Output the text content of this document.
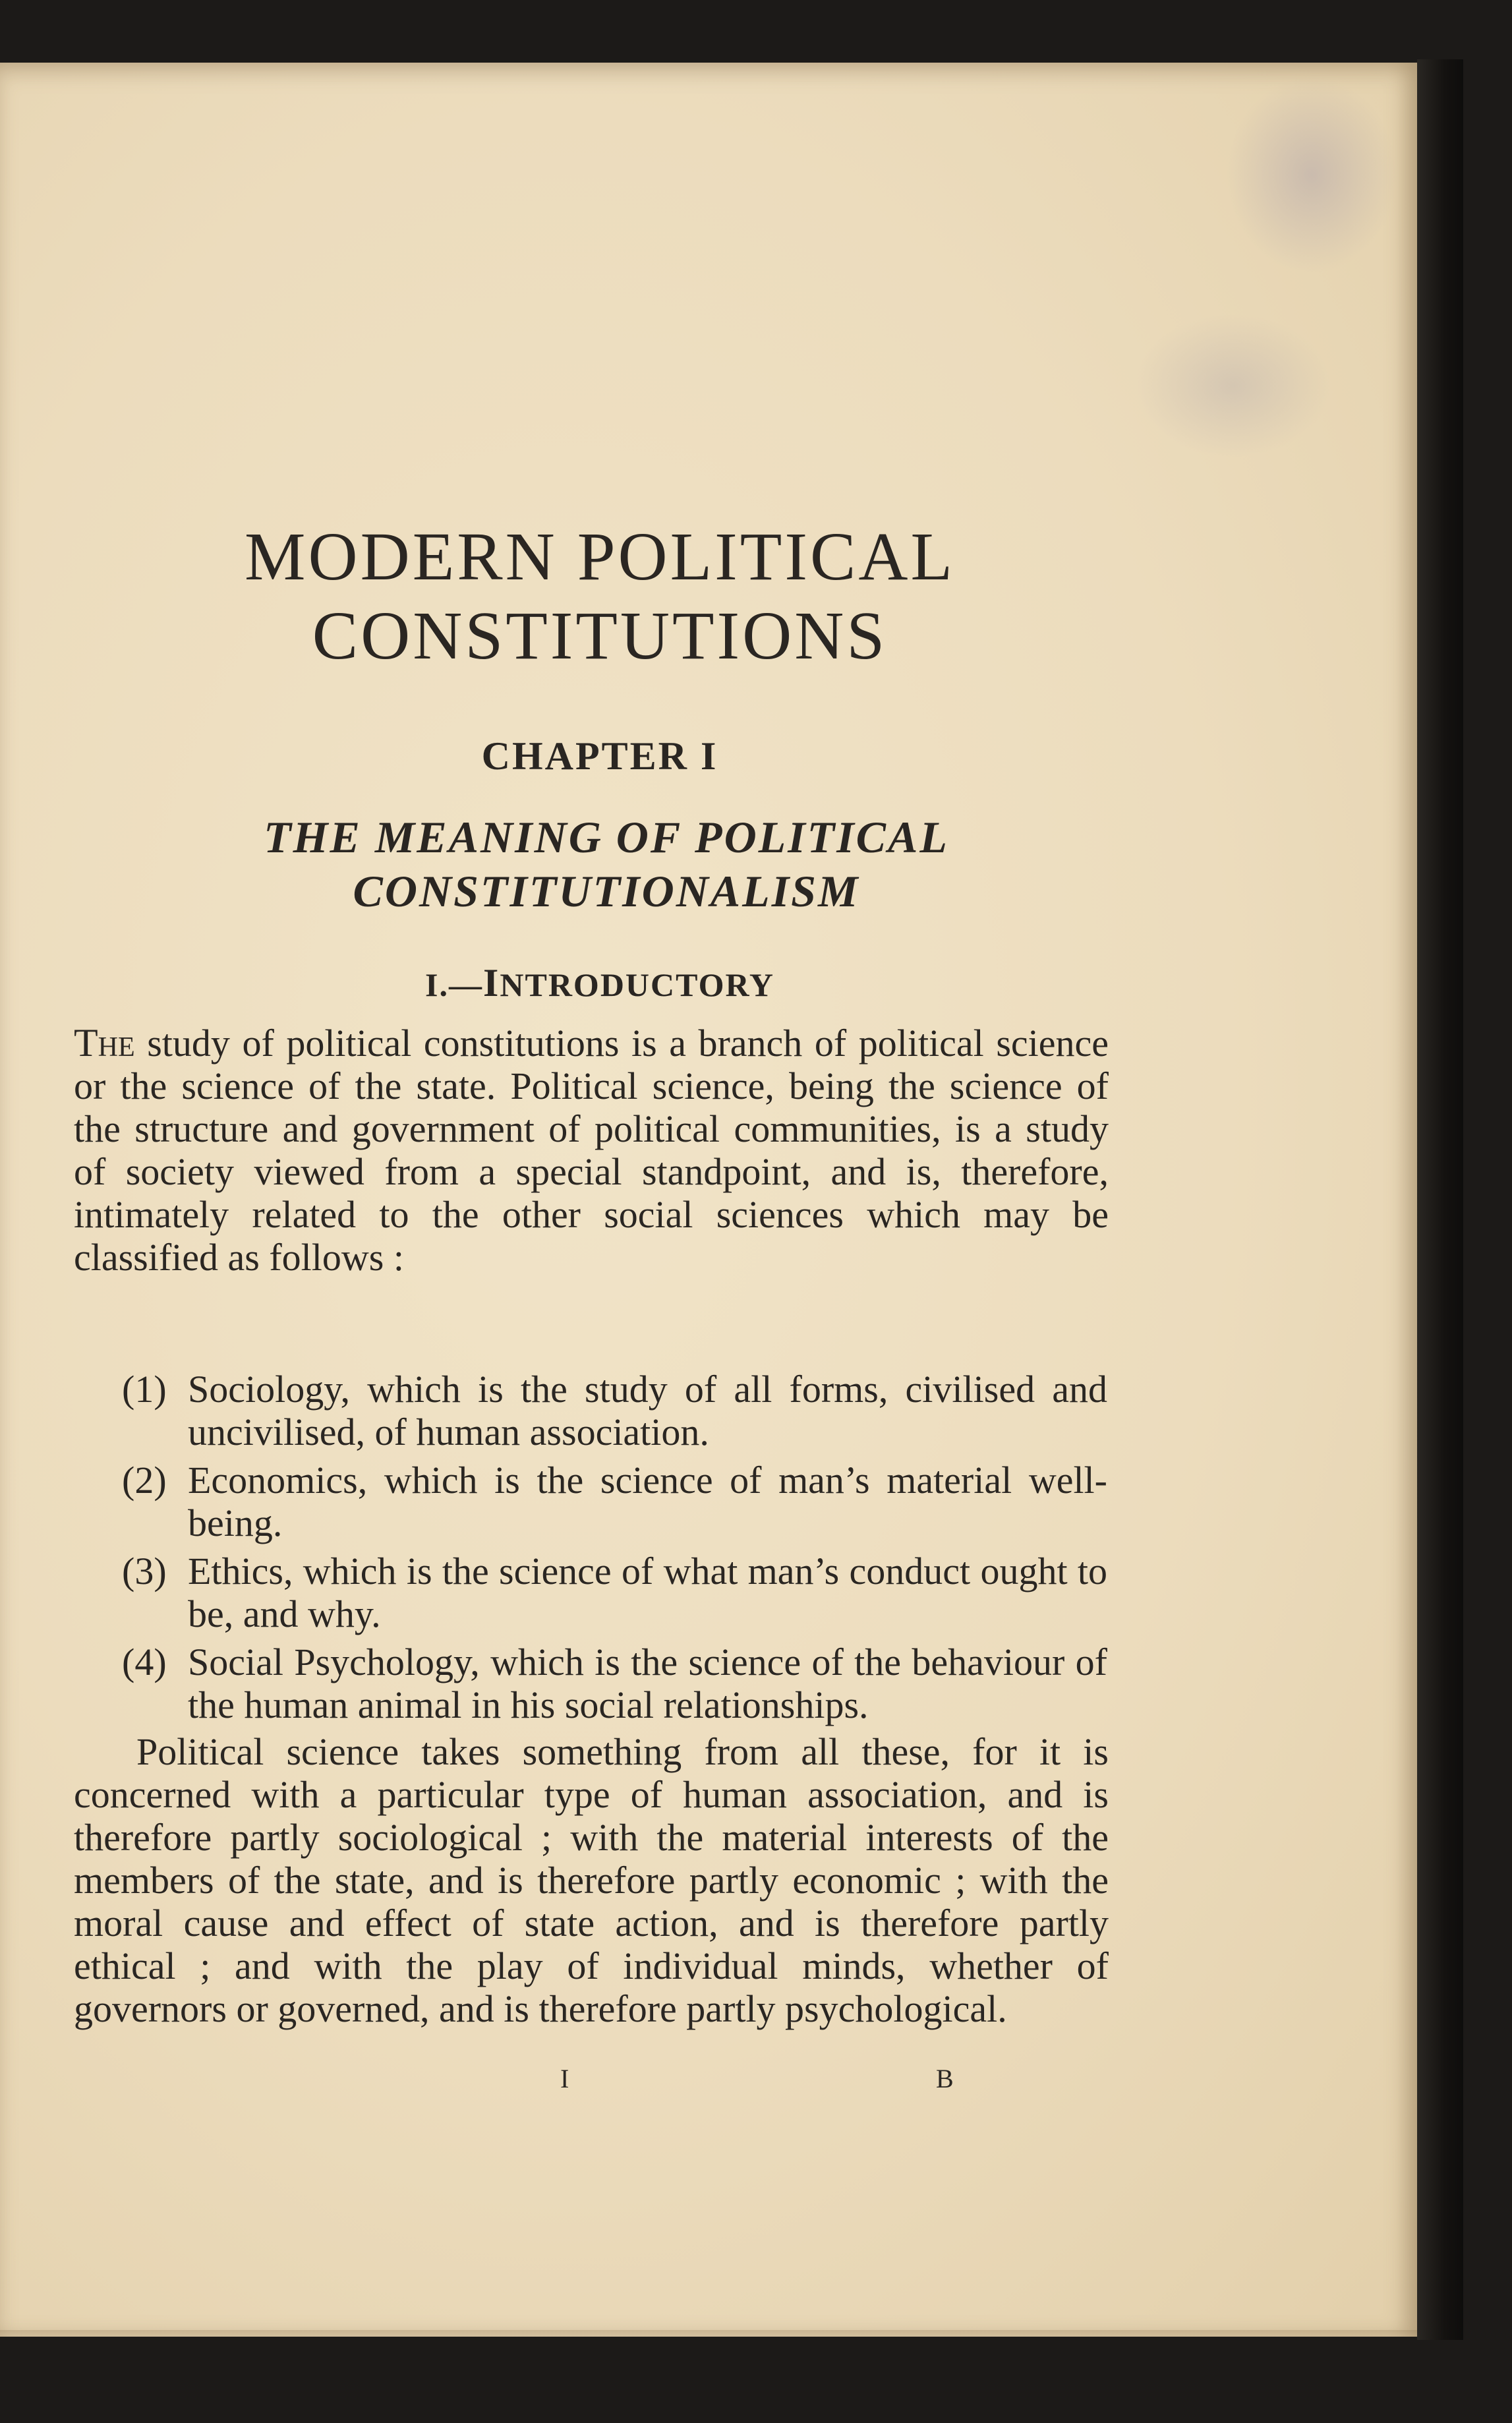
MODERN POLITICAL
CONSTITUTIONS
CHAPTER I
THE MEANING OF POLITICAL CONSTITUTIONALISM
I.—INTRODUCTORY

The study of political constitutions is a branch of political science or the science of the state. Political science, being the science of the structure and government of political communities, is a study of society viewed from a special standpoint, and is, therefore, intimately related to the other social sciences which may be classified as follows :

(1) Sociology, which is the study of all forms, civilised and uncivilised, of human association.
(2) Economics, which is the science of man’s material well-being.
(3) Ethics, which is the science of what man’s conduct ought to be, and why.
(4) Social Psychology, which is the science of the behaviour of the human animal in his social relationships.

Political science takes something from all these, for it is concerned with a particular type of human association, and is therefore partly sociological ; with the material interests of the members of the state, and is therefore partly economic ; with the moral cause and effect of state action, and is therefore partly ethical ; and with the play of individual minds, whether of governors or governed, and is therefore partly psychological.

I	B
